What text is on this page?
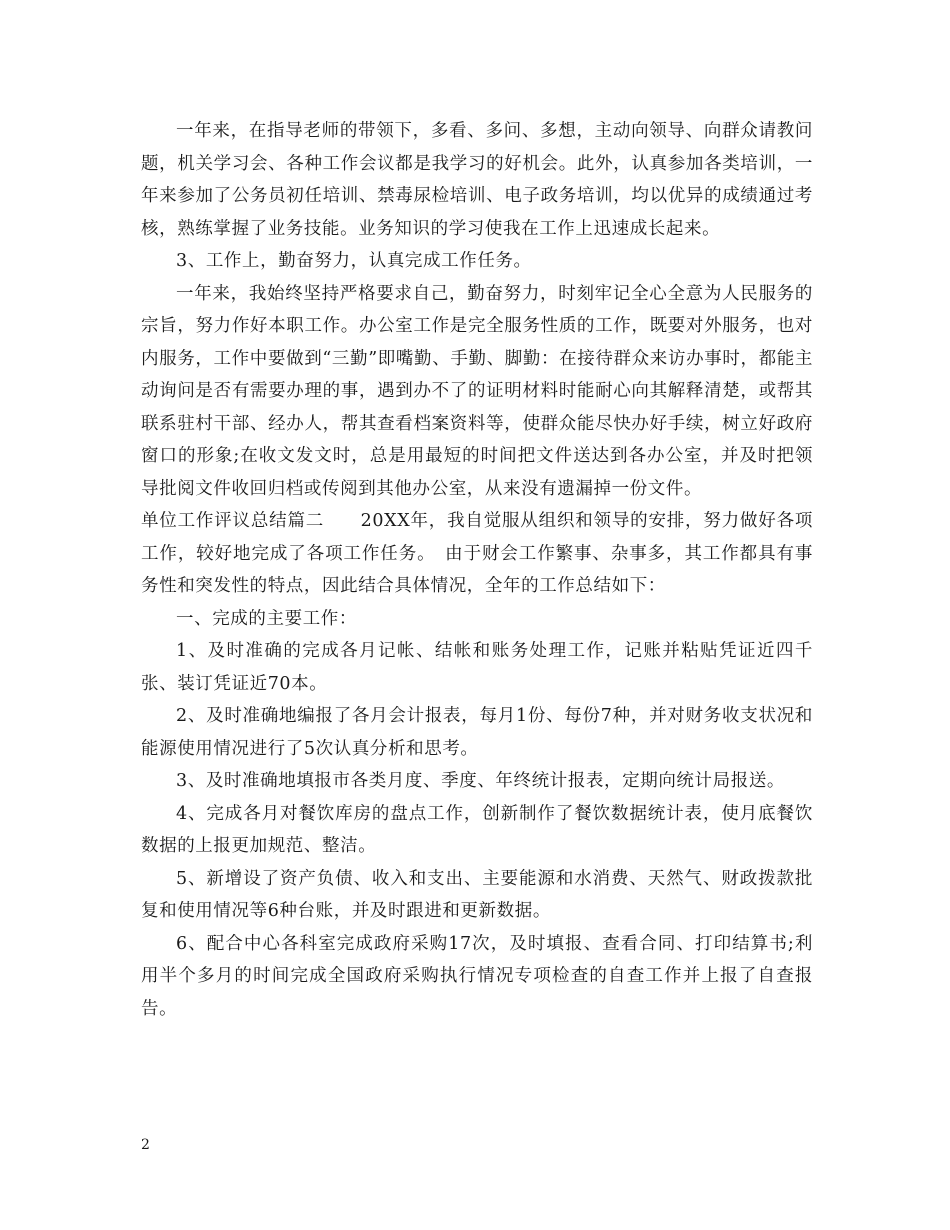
一年来，在指导老师的带领下，多看、多问、多想，主动向领导、向群众请教问题，机关学习会、各种工作会议都是我学习的好机会。此外，认真参加各类培训，一年来参加了公务员初任培训、禁毒尿检培训、电子政务培训，均以优异的成绩通过考核，熟练掌握了业务技能。业务知识的学习使我在工作上迅速成长起来。

3、工作上，勤奋努力，认真完成工作任务。

一年来，我始终坚持严格要求自己，勤奋努力，时刻牢记全心全意为人民服务的宗旨，努力作好本职工作。办公室工作是完全服务性质的工作，既要对外服务，也对内服务，工作中要做到“三勤”即嘴勤、手勤、脚勤：在接待群众来访办事时，都能主动询问是否有需要办理的事，遇到办不了的证明材料时能耐心向其解释清楚，或帮其联系驻村干部、经办人，帮其查看档案资料等，使群众能尽快办好手续，树立好政府窗口的形象;在收文发文时，总是用最短的时间把文件送达到各办公室，并及时把领导批阅文件收回归档或传阅到其他办公室，从来没有遗漏掉一份文件。

单位工作评议总结篇二　　20XX年，我自觉服从组织和领导的安排，努力做好各项工作，较好地完成了各项工作任务。　由于财会工作繁事、杂事多，其工作都具有事务性和突发性的特点，因此结合具体情况，全年的工作总结如下：

一、完成的主要工作：

1、及时准确的完成各月记帐、结帐和账务处理工作，记账并粘贴凭证近四千张、装订凭证近70本。

2、及时准确地编报了各月会计报表，每月1份、每份7种，并对财务收支状况和能源使用情况进行了5次认真分析和思考。

3、及时准确地填报市各类月度、季度、年终统计报表，定期向统计局报送。

4、完成各月对餐饮库房的盘点工作，创新制作了餐饮数据统计表，使月底餐饮数据的上报更加规范、整洁。

5、新增设了资产负债、收入和支出、主要能源和水消费、天然气、财政拨款批复和使用情况等6种台账，并及时跟进和更新数据。

6、配合中心各科室完成政府采购17次，及时填报、查看合同、打印结算书;利用半个多月的时间完成全国政府采购执行情况专项检查的自查工作并上报了自查报告。

2
